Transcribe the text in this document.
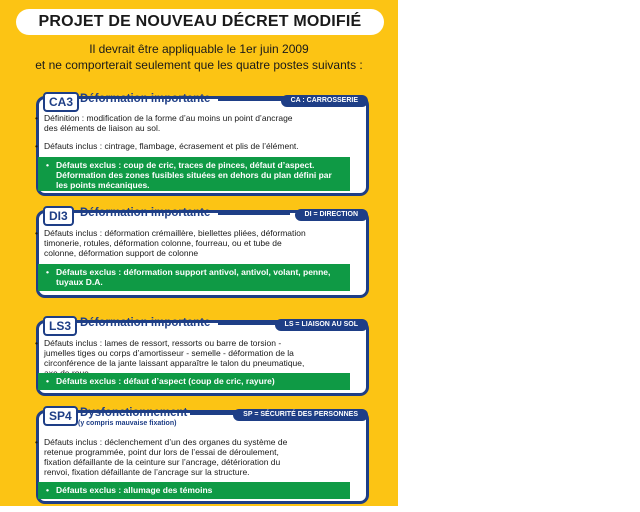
PROJET DE NOUVEAU DÉCRET MODIFIÉ
Il devrait être appliquable le 1er juin 2009
et ne comporterait seulement que les quatre postes suivants :
CA3 Déformation importante	CA : CARROSSERIE
• Définition : modification de la forme d’au moins un point d’ancrage des éléments de liaison au sol.
• Défauts inclus : cintrage, flambage, écrasement et plis de l’élément.
• Défauts exclus : coup de cric, traces de pinces, défaut d’aspect. Déformation des zones fusibles situées en dehors du plan défini par les points mécaniques.
DI3	Déformation importante	DI = DIRECTION
• Défauts inclus : déformation crémaillère, biellettes pliées, déformation timonerie, rotules, déformation colonne, fourreau, ou et tube de colonne, déformation support de colonne
• Défauts exclus : déformation support antivol, antivol, volant, penne, tuyaux D.A.
LS3 Déformation importante	LS = LIAISON AU SOL
• Défauts inclus : lames de ressort, ressorts ou barre de torsion - jumelles tiges ou corps d’amortisseur - semelle - déformation de la circonférence de la jante laissant apparaître le talon du pneumatique,
• Défauts exclus : défaut d’aspect (coup de cric, rayure)
SP4 Dysfonctionnement
(y compris mauvaise fixation)
SP = SÉCURITÉ DES PERSONNES
• Défauts inclus : déclenchement d’un des organes du système de retenue programmée, point dur lors de l’essai de déroulement, fixation défaillante de la ceinture sur l’ancrage, détérioration du renvoi, fixation défaillante de l’ancrage sur la structure.
• Défauts exclus : allumage des témoins
